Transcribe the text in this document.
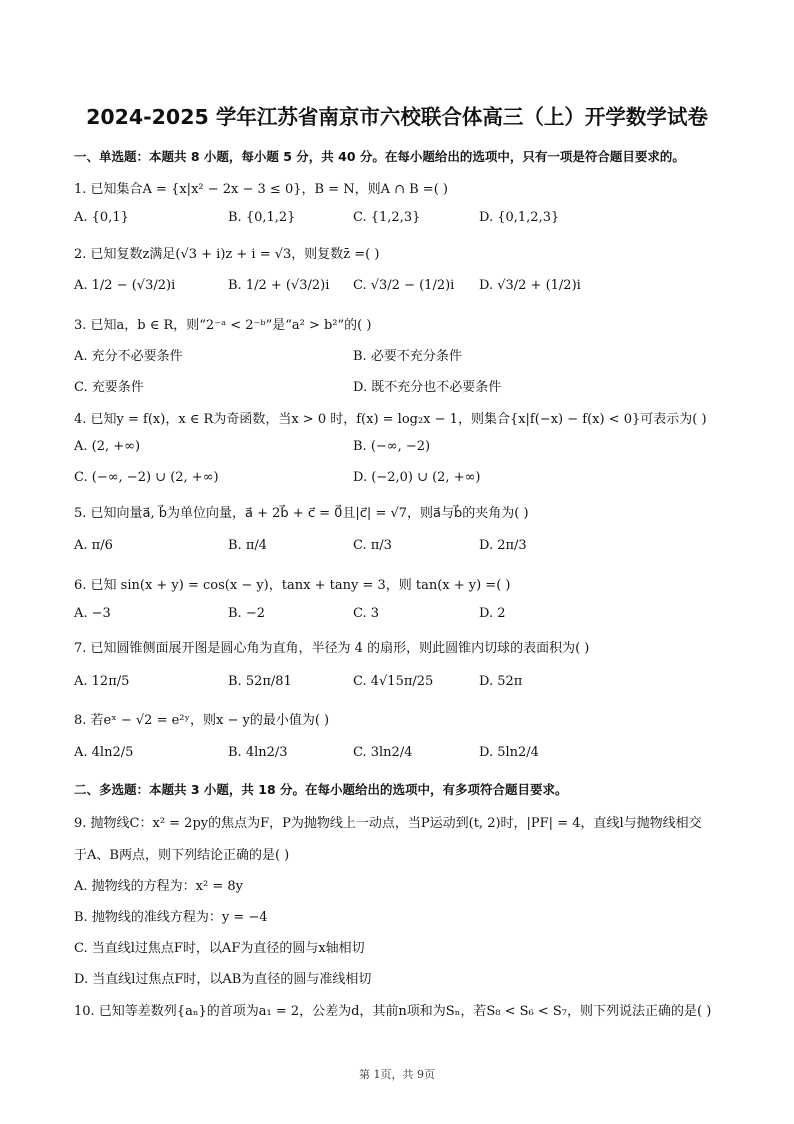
2024-2025 学年江苏省南京市六校联合体高三（上）开学数学试卷
一、单选题：本题共 8 小题，每小题 5 分，共 40 分。在每小题给出的选项中，只有一项是符合题目要求的。
1. 已知集合A = {x|x² − 2x − 3 ≤ 0}，B = N，则A ∩ B =( )
A. {0,1}	B. {0,1,2}	C. {1,2,3}	D. {0,1,2,3}
2. 已知复数z满足(√3 + i)z + i = √3，则复数z̄ =( )
A. 1/2 − (√3/2)i	B. 1/2 + (√3/2)i C. √3/2 − (1/2)i D. √3/2 + (1/2)i
3. 已知a，b ∈ R，则“2⁻ᵃ < 2⁻ᵇ”是“a² > b²”的( )
A. 充分不必要条件	B. 必要不充分条件
C. 充要条件	D. 既不充分也不必要条件
4. 已知y = f(x)，x ∈ R为奇函数，当x > 0 时，f(x) = log₂x − 1，则集合{x|f(−x) − f(x) < 0}可表示为( )
A. (2, +∞)	B. (−∞, −2)
C. (−∞, −2) ∪ (2, +∞)	D. (−2,0) ∪ (2, +∞)
5. 已知向量a⃗, b⃗为单位向量，a⃗ + 2b⃗ + c⃗ = 0⃗且|c⃗| = √7，则a⃗与b⃗的夹角为( )
A. π/6	B. π/4	C. π/3	D. 2π/3
6. 已知 sin(x + y) = cos(x − y)，tanx + tany = 3，则 tan(x + y) =( )
A. −3	B. −2	C. 3	D. 2
7. 已知圆锥侧面展开图是圆心角为直角，半径为 4 的扇形，则此圆锥内切球的表面积为( )
A. 12π/5	B. 52π/81	C. 4√15π/25	D. 52π
8. 若eˣ − √2 = e²ʸ，则x − y的最小值为( )
A. 4ln2/5	B. 4ln2/3	C. 3ln2/4	D. 5ln2/4
二、多选题：本题共 3 小题，共 18 分。在每小题给出的选项中，有多项符合题目要求。
9. 抛物线C：x² = 2py的焦点为F，P为抛物线上一动点，当P运动到(t, 2)时，|PF| = 4，直线l与抛物线相交
于A、B两点，则下列结论正确的是( )
A. 抛物线的方程为：x² = 8y
B. 抛物线的准线方程为：y = −4
C. 当直线l过焦点F时，以AF为直径的圆与x轴相切
D. 当直线l过焦点F时，以AB为直径的圆与准线相切
10. 已知等差数列{aₙ}的首项为a₁ = 2，公差为d，其前n项和为Sₙ，若S₈ < S₆ < S₇，则下列说法正确的是( )
第 1页，共 9页
